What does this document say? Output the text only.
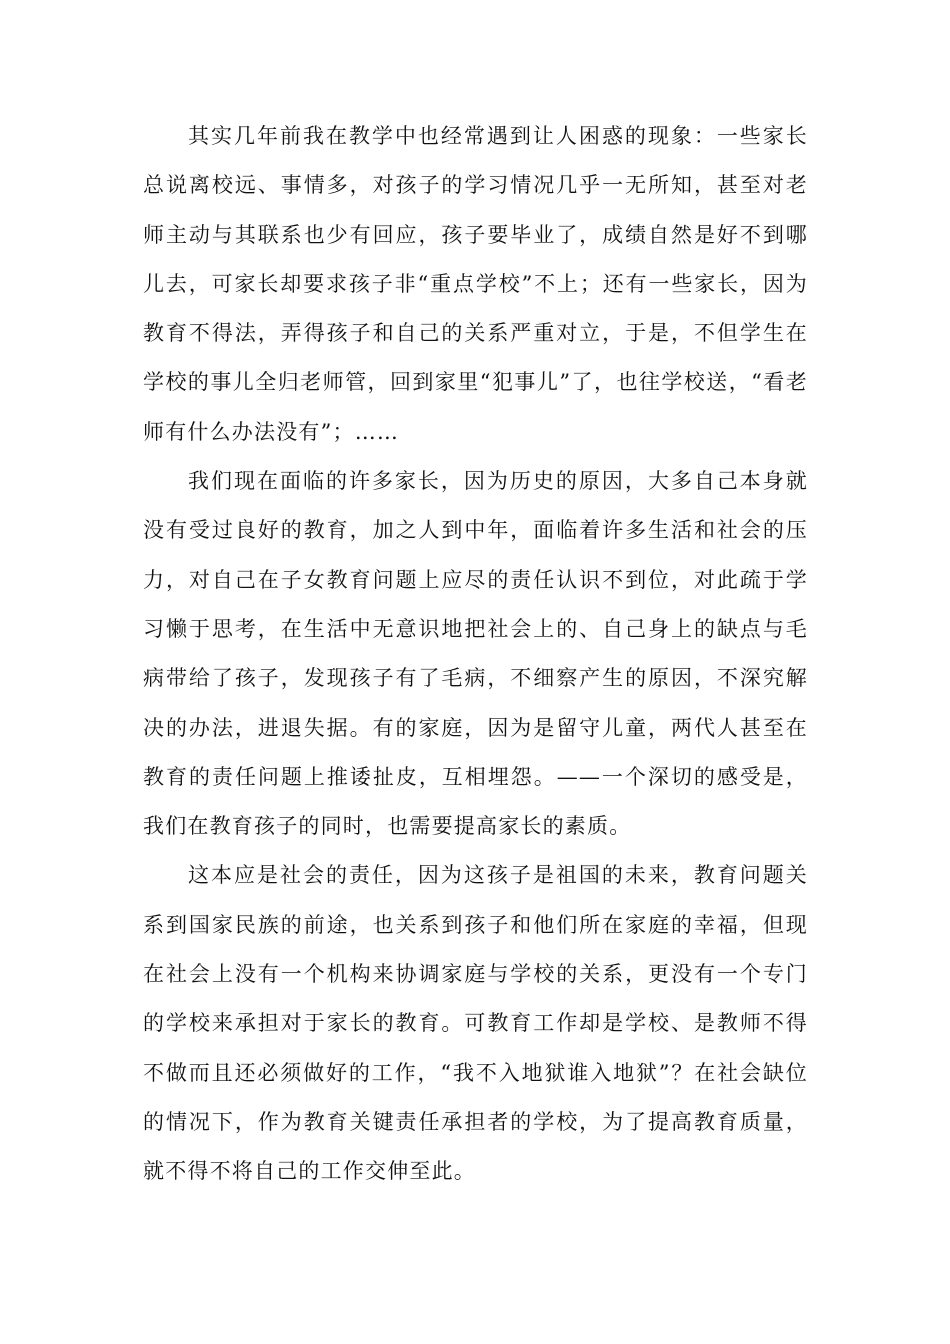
其实几年前我在教学中也经常遇到让人困惑的现象：一些家长总说离校远、事情多，对孩子的学习情况几乎一无所知，甚至对老师主动与其联系也少有回应，孩子要毕业了，成绩自然是好不到哪儿去，可家长却要求孩子非“重点学校”不上；还有一些家长，因为教育不得法，弄得孩子和自己的关系严重对立，于是，不但学生在学校的事儿全归老师管，回到家里“犯事儿”了，也往学校送，“看老师有什么办法没有”；……

我们现在面临的许多家长，因为历史的原因，大多自己本身就没有受过良好的教育，加之人到中年，面临着许多生活和社会的压力，对自己在子女教育问题上应尽的责任认识不到位，对此疏于学习懒于思考，在生活中无意识地把社会上的、自己身上的缺点与毛病带给了孩子，发现孩子有了毛病，不细察产生的原因，不深究解决的办法，进退失据。有的家庭，因为是留守儿童，两代人甚至在教育的责任问题上推诿扯皮，互相埋怨。——一个深切的感受是，我们在教育孩子的同时，也需要提高家长的素质。

这本应是社会的责任，因为这孩子是祖国的未来，教育问题关系到国家民族的前途，也关系到孩子和他们所在家庭的幸福，但现在社会上没有一个机构来协调家庭与学校的关系，更没有一个专门的学校来承担对于家长的教育。可教育工作却是学校、是教师不得不做而且还必须做好的工作，“我不入地狱谁入地狱”？在社会缺位的情况下，作为教育关键责任承担者的学校，为了提高教育质量，就不得不将自己的工作交伸至此。
